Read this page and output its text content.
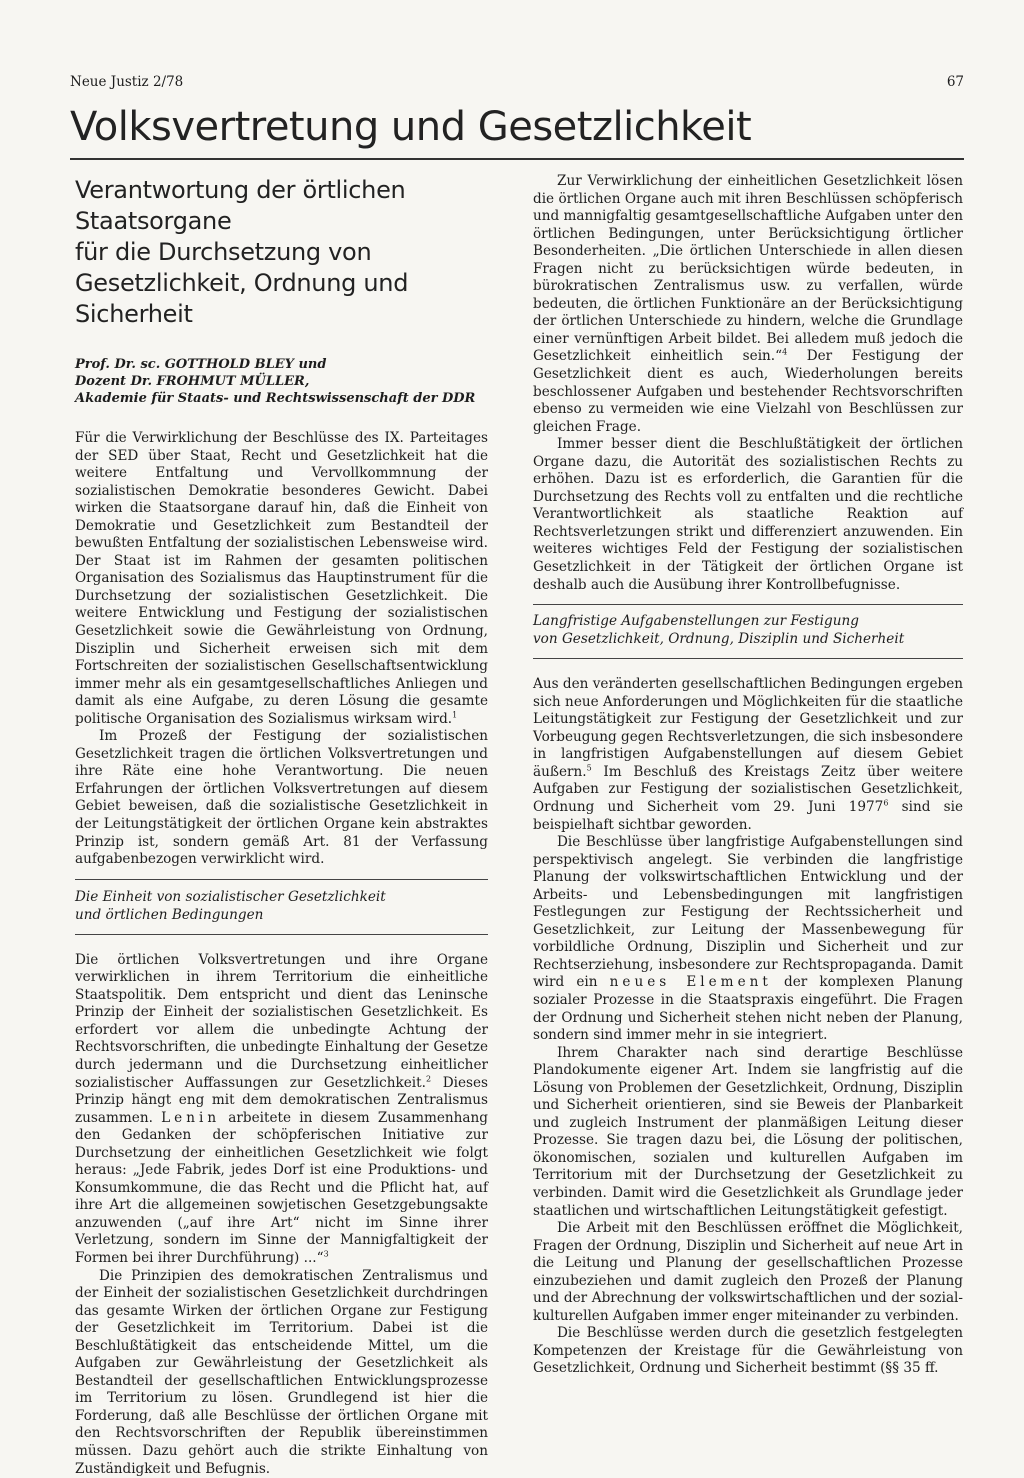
Neue Justiz 2/78	67
Volksvertretung und Gesetzlichkeit
Verantwortung der örtlichen Staatsorgane
für die Durchsetzung von
Gesetzlichkeit, Ordnung und Sicherheit
Prof. Dr. sc. GOTTHOLD BLEY und
Dozent Dr. FROHMUT MÜLLER,
Akademie für Staats- und Rechtswissenschaft der DDR

Für die Verwirklichung der Beschlüsse des IX. Parteitages der SED über Staat, Recht und Gesetzlichkeit hat die weitere Entfaltung und Vervollkommnung der sozialistischen Demokratie besonderes Gewicht. Dabei wirken die Staatsorgane darauf hin, daß die Einheit von Demokratie und Gesetzlichkeit zum Bestandteil der bewußten Entfaltung der sozialistischen Lebensweise wird. Der Staat ist im Rahmen der gesamten politischen Organisation des Sozialismus das Hauptinstrument für die Durchsetzung der sozialistischen Gesetzlichkeit. Die weitere Entwicklung und Festigung der sozialistischen Gesetzlichkeit sowie die Gewährleistung von Ordnung, Disziplin und Sicherheit erweisen sich mit dem Fortschreiten der sozialistischen Gesellschaftsentwicklung immer mehr als ein gesamtgesellschaftliches Anliegen und damit als eine Aufgabe, zu deren Lösung die gesamte politische Organisation des Sozialismus wirksam wird.$^1$

Im Prozeß der Festigung der sozialistischen Gesetzlichkeit tragen die örtlichen Volksvertretungen und ihre Räte eine hohe Verantwortung. Die neuen Erfahrungen der örtlichen Volksvertretungen auf diesem Gebiet beweisen, daß die sozialistische Gesetzlichkeit in der Leitungstätigkeit der örtlichen Organe kein abstraktes Prinzip ist, sondern gemäß Art. 81 der Verfassung aufgabenbezogen verwirklicht wird.

Die Einheit von sozialistischer Gesetzlichkeit
und örtlichen Bedingungen

Die örtlichen Volksvertretungen und ihre Organe verwirklichen in ihrem Territorium die einheitliche Staatspolitik. Dem entspricht und dient das Leninsche Prinzip der Einheit der sozialistischen Gesetzlichkeit. Es erfordert vor allem die unbedingte Achtung der Rechtsvorschriften, die unbedingte Einhaltung der Gesetze durch jedermann und die Durchsetzung einheitlicher sozialistischer Auffassungen zur Gesetzlichkeit.$^2$ Dieses Prinzip hängt eng mit dem demokratischen Zentralismus zusammen. Lenin arbeitete in diesem Zusammenhang den Gedanken der schöpferischen Initiative zur Durchsetzung der einheitlichen Gesetzlichkeit wie folgt heraus: „Jede Fabrik, jedes Dorf ist eine Produktions- und Konsumkommune, die das Recht und die Pflicht hat, auf ihre Art die allgemeinen sowjetischen Gesetzgebungsakte anzuwenden („auf ihre Art“ nicht im Sinne ihrer Verletzung, sondern im Sinne der Mannigfaltigkeit der Formen bei ihrer Durchführung) ...“$^3$

Die Prinzipien des demokratischen Zentralismus und der Einheit der sozialistischen Gesetzlichkeit durchdringen das gesamte Wirken der örtlichen Organe zur Festigung der Gesetzlichkeit im Territorium. Dabei ist die Beschlußtätigkeit das entscheidende Mittel, um die Aufgaben zur Gewährleistung der Gesetzlichkeit als Bestandteil der gesellschaftlichen Entwicklungsprozesse im Territorium zu lösen. Grundlegend ist hier die Forderung, daß alle Beschlüsse der örtlichen Organe mit den Rechtsvorschriften der Republik übereinstimmen müssen. Dazu gehört auch die strikte Einhaltung von Zuständigkeit und Befugnis.

Zur Verwirklichung der einheitlichen Gesetzlichkeit lösen die örtlichen Organe auch mit ihren Beschlüssen schöpferisch und mannigfaltig gesamtgesellschaftliche Aufgaben unter den örtlichen Bedingungen, unter Berücksichtigung örtlicher Besonderheiten. „Die örtlichen Unterschiede in allen diesen Fragen nicht zu berücksichtigen würde bedeuten, in bürokratischen Zentralismus usw. zu verfallen, würde bedeuten, die örtlichen Funktionäre an der Berücksichtigung der örtlichen Unterschiede zu hindern, welche die Grundlage einer vernünftigen Arbeit bildet. Bei alledem muß jedoch die Gesetzlichkeit einheitlich sein.“$^4$ Der Festigung der Gesetzlichkeit dient es auch, Wiederholungen bereits beschlossener Aufgaben und bestehender Rechtsvorschriften ebenso zu vermeiden wie eine Vielzahl von Beschlüssen zur gleichen Frage.

Immer besser dient die Beschlußtätigkeit der örtlichen Organe dazu, die Autorität des sozialistischen Rechts zu erhöhen. Dazu ist es erforderlich, die Garantien für die Durchsetzung des Rechts voll zu entfalten und die rechtliche Verantwortlichkeit als staatliche Reaktion auf Rechtsverletzungen strikt und differenziert anzuwenden. Ein weiteres wichtiges Feld der Festigung der sozialistischen Gesetzlichkeit in der Tätigkeit der örtlichen Organe ist deshalb auch die Ausübung ihrer Kontrollbefugnisse.

Langfristige Aufgabenstellungen zur Festigung
von Gesetzlichkeit, Ordnung, Disziplin und Sicherheit

Aus den veränderten gesellschaftlichen Bedingungen ergeben sich neue Anforderungen und Möglichkeiten für die staatliche Leitungstätigkeit zur Festigung der Gesetzlichkeit und zur Vorbeugung gegen Rechtsverletzungen, die sich insbesondere in langfristigen Aufgabenstellungen auf diesem Gebiet äußern.$^5$ Im Beschluß des Kreistags Zeitz über weitere Aufgaben zur Festigung der sozialistischen Gesetzlichkeit, Ordnung und Sicherheit vom 29. Juni 1977$^6$ sind sie beispielhaft sichtbar geworden.

Die Beschlüsse über langfristige Aufgabenstellungen sind perspektivisch angelegt. Sie verbinden die langfristige Planung der volkswirtschaftlichen Entwicklung und der Arbeits- und Lebensbedingungen mit langfristigen Festlegungen zur Festigung der Rechtssicherheit und Gesetzlichkeit, zur Leitung der Massenbewegung für vorbildliche Ordnung, Disziplin und Sicherheit und zur Rechtserziehung, insbesondere zur Rechtspropaganda. Damit wird ein neues Element der komplexen Planung sozialer Prozesse in die Staatspraxis eingeführt. Die Fragen der Ordnung und Sicherheit stehen nicht neben der Planung, sondern sind immer mehr in sie integriert.

Ihrem Charakter nach sind derartige Beschlüsse Plandokumente eigener Art. Indem sie langfristig auf die Lösung von Problemen der Gesetzlichkeit, Ordnung, Disziplin und Sicherheit orientieren, sind sie Beweis der Planbarkeit und zugleich Instrument der planmäßigen Leitung dieser Prozesse. Sie tragen dazu bei, die Lösung der politischen, ökonomischen, sozialen und kulturellen Aufgaben im Territorium mit der Durchsetzung der Gesetzlichkeit zu verbinden. Damit wird die Gesetzlichkeit als Grundlage jeder staatlichen und wirtschaftlichen Leitungstätigkeit gefestigt.

Die Arbeit mit den Beschlüssen eröffnet die Möglichkeit, Fragen der Ordnung, Disziplin und Sicherheit auf neue Art in die Leitung und Planung der gesellschaftlichen Prozesse einzubeziehen und damit zugleich den Prozeß der Planung und der Abrechnung der volkswirtschaftlichen und der sozial-kulturellen Aufgaben immer enger miteinander zu verbinden.

Die Beschlüsse werden durch die gesetzlich festgelegten Kompetenzen der Kreistage für die Gewährleistung von Gesetzlichkeit, Ordnung und Sicherheit bestimmt (§§ 35 ff.
